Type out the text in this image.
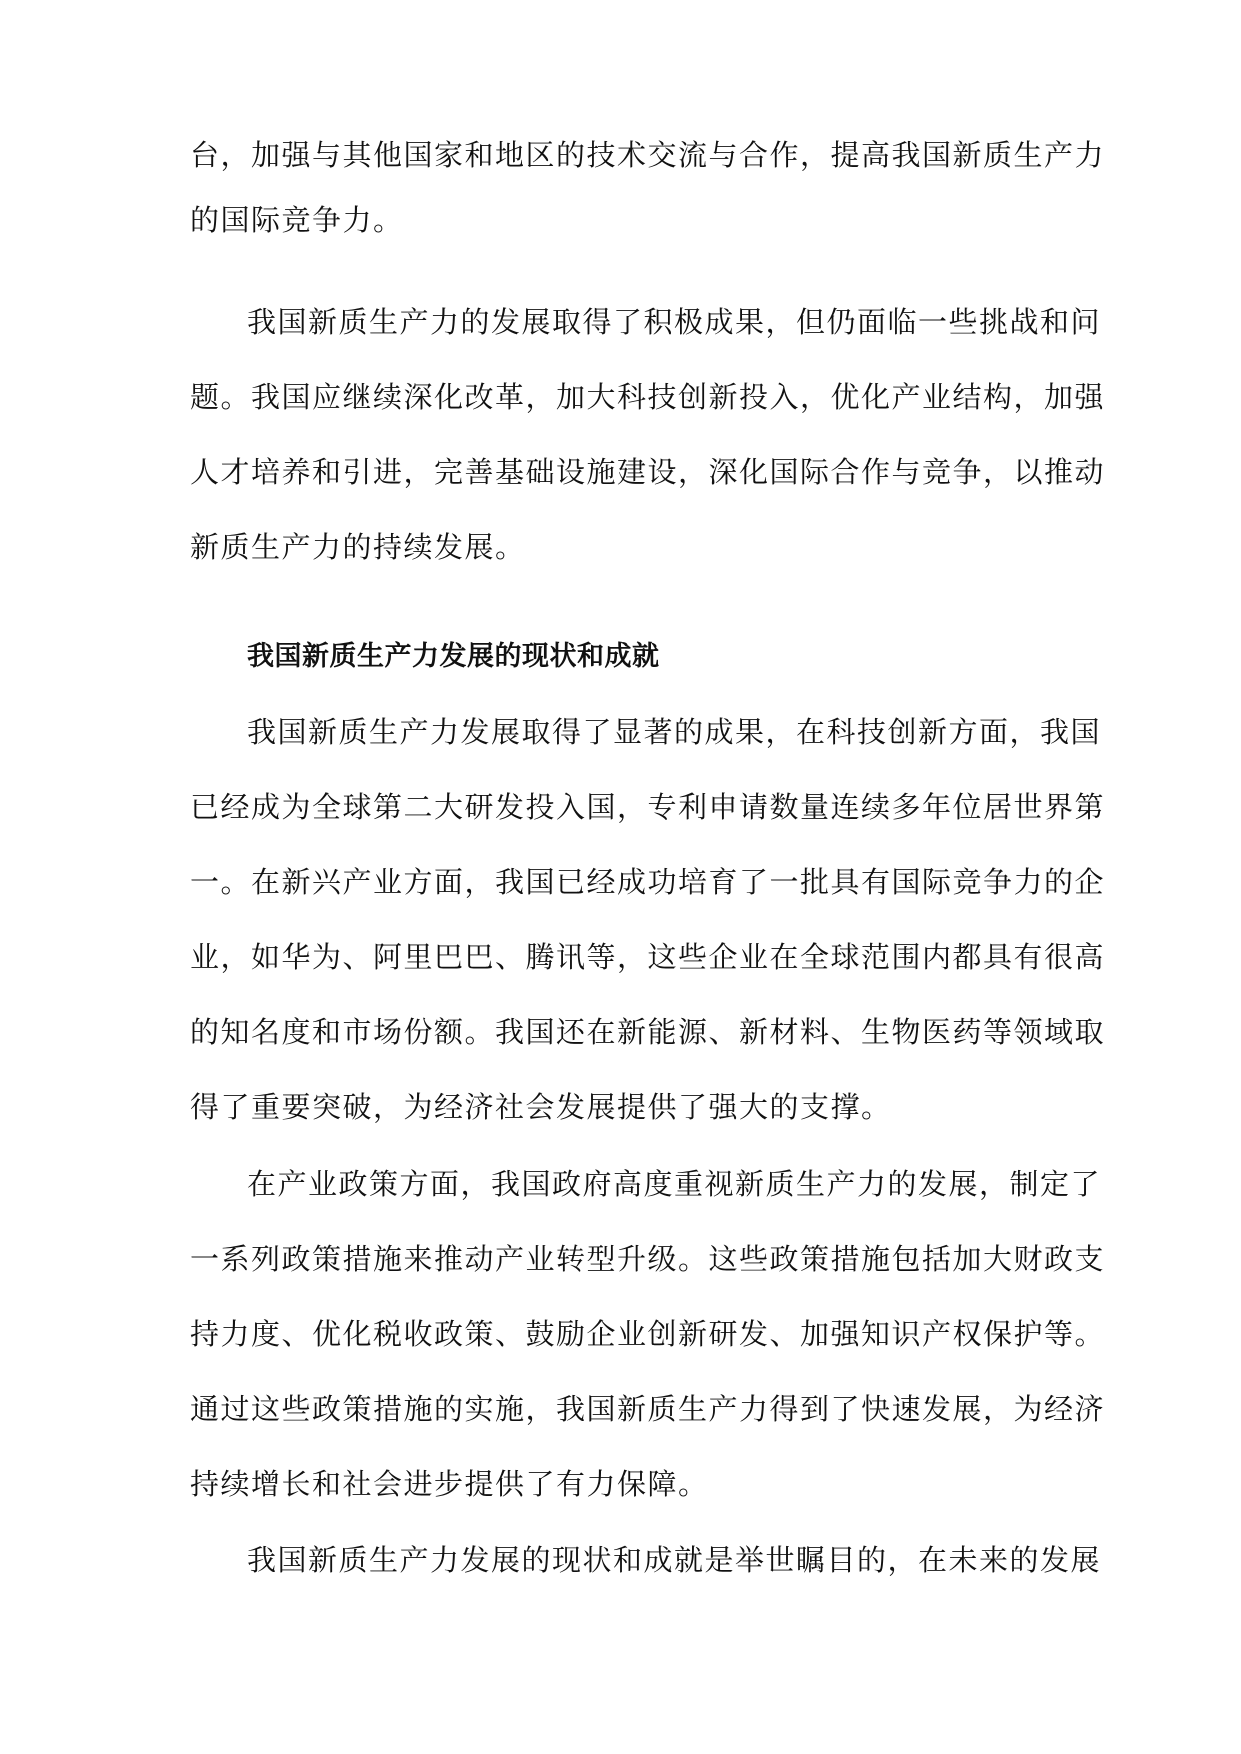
台，加强与其他国家和地区的技术交流与合作，提高我国新质生产力
的国际竞争力。
我国新质生产力的发展取得了积极成果，但仍面临一些挑战和问
题。我国应继续深化改革，加大科技创新投入，优化产业结构，加强
人才培养和引进，完善基础设施建设，深化国际合作与竞争，以推动
新质生产力的持续发展。
我国新质生产力发展的现状和成就
我国新质生产力发展取得了显著的成果，在科技创新方面，我国
已经成为全球第二大研发投入国，专利申请数量连续多年位居世界第
一。在新兴产业方面，我国已经成功培育了一批具有国际竞争力的企
业，如华为、阿里巴巴、腾讯等，这些企业在全球范围内都具有很高
的知名度和市场份额。我国还在新能源、新材料、生物医药等领域取
得了重要突破，为经济社会发展提供了强大的支撑。
在产业政策方面，我国政府高度重视新质生产力的发展，制定了
一系列政策措施来推动产业转型升级。这些政策措施包括加大财政支
持力度、优化税收政策、鼓励企业创新研发、加强知识产权保护等。
通过这些政策措施的实施，我国新质生产力得到了快速发展，为经济
持续增长和社会进步提供了有力保障。
我国新质生产力发展的现状和成就是举世瞩目的，在未来的发展
